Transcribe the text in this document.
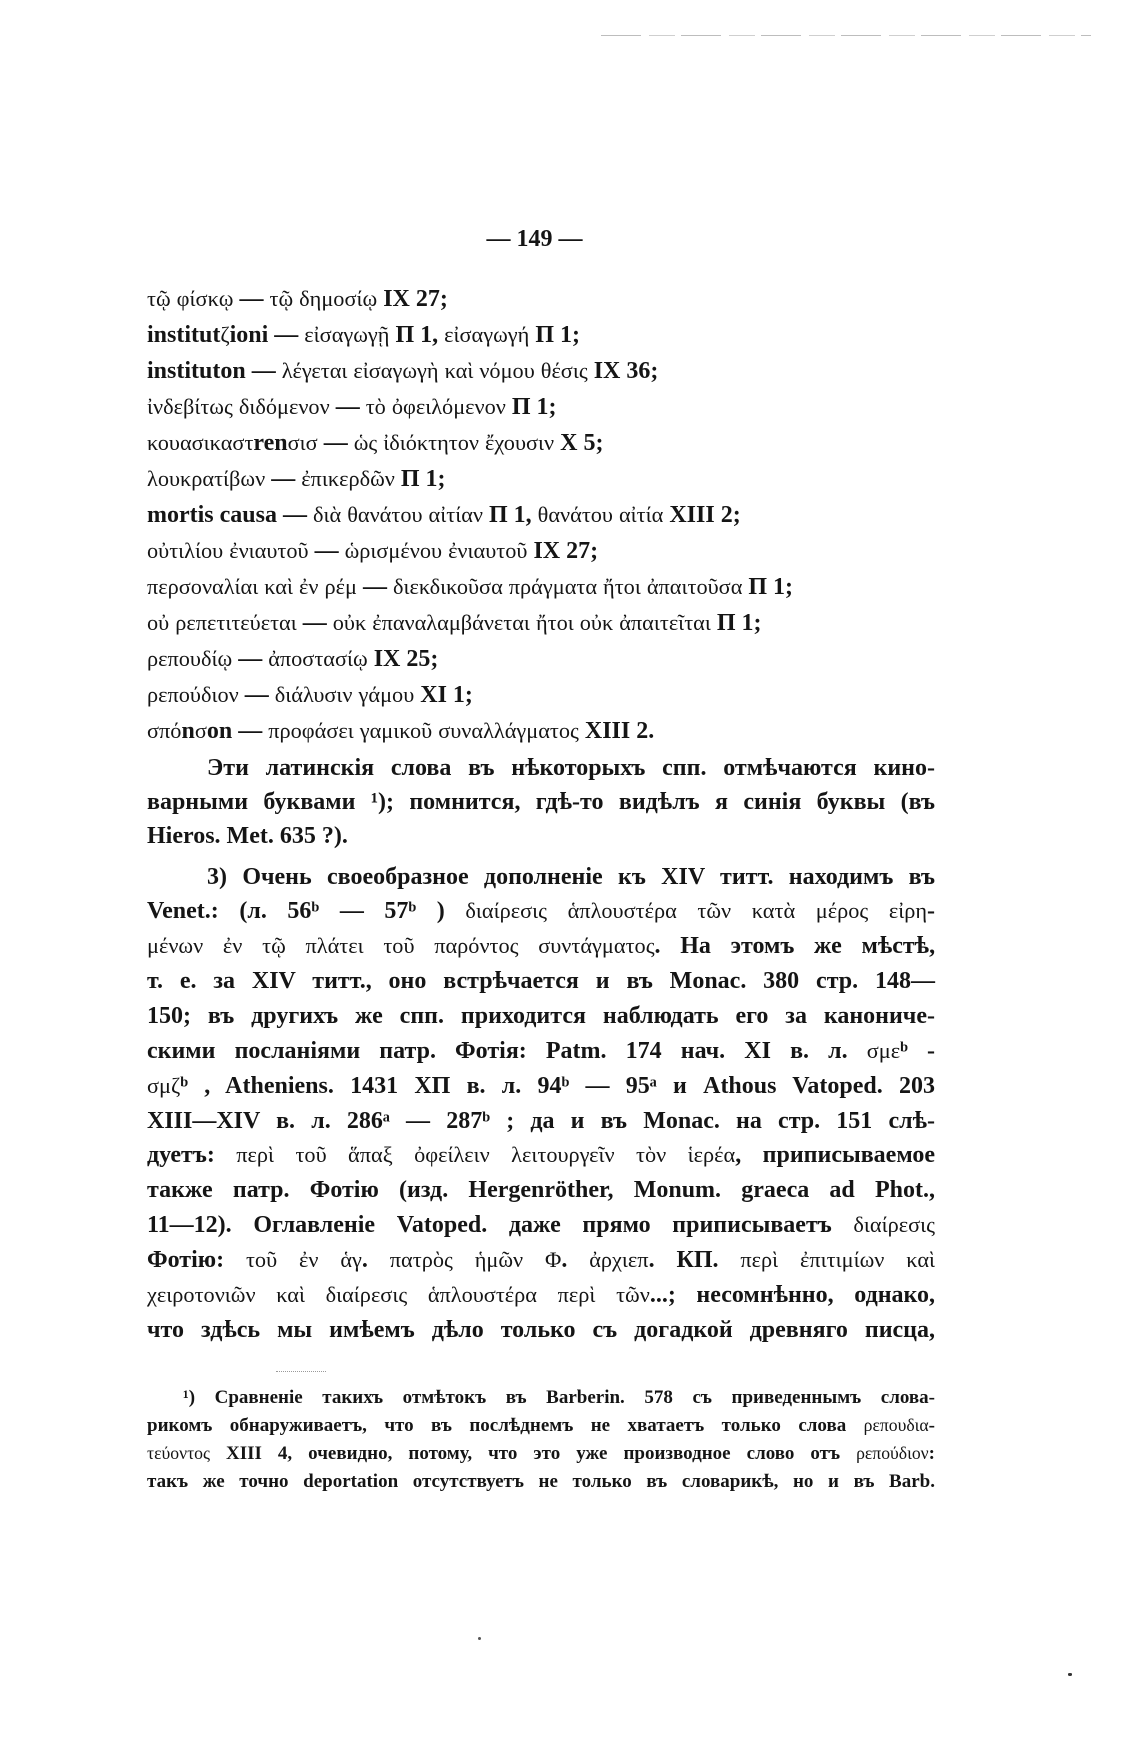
— 149 —
τῷ φίσκῳ — τῷ δημοσίῳ IX 27;
institutζioni — εἰσαγωγῇ П 1, εἰσαγωγή П 1;
instituton — λέγεται εἰσαγωγὴ καὶ νόμου θέσις IX 36;
ἰνδεβίτως διδόμενον — τὸ ὀφειλόμενον П 1;
κουασικαστrenσισ — ὡς ἰδιόκτητον ἔχουσιν X 5;
λουκρατίβων — ἐπικερδῶν П 1;
mortis causa — διὰ θανάτου αἰτίαν П 1, θανάτου αἰτία XIII 2;
οὐτιλίου ἐνιαυτοῦ — ὡρισμένου ἐνιαυτοῦ IX 27;
περσοναλίαι καὶ ἐν ρέμ — διεκδικοῦσα πράγματα ἤτοι ἀπαιτοῦσα П 1;
οὐ ρεπετιτεύεται — οὐκ ἐπαναλαμβάνεται ἤτοι οὐκ ἀπαιτεῖται П 1;
ρεπουδίῳ — ἀποστασίῳ IX 25;
ρεπούδιον — διάλυσιν γάμου XI 1;
σπόnσon — προφάσει γαμικοῦ συναλλάγματος XIII 2.
Эти латинскія слова въ нѣкоторыхъ спп. отмѣчаются кино-
варными буквами ¹); помнится, гдѣ-то видѣлъ я синія буквы (въ
Hieros. Met. 635 ?).
3) Очень своеобразное дополненіе къ XIV титт. находимъ въ
Venet.: (л. 56ᵇ — 57ᵇ ) διαίρεσις ἁπλουστέρα τῶν κατὰ μέρος εἰρη-
μένων ἐν τῷ πλάτει τοῦ παρόντος συντάγματος. На этомъ же мѣстѣ,
т. е. за XIV титт., оно встрѣчается и въ Monac. 380 стр. 148—
150; въ другихъ же спп. приходится наблюдать его за канониче-
скими посланіями патр. Фотія: Patm. 174 нач. XI в. л. σμεᵇ -
σμζᵇ , Atheniens. 1431 XП в. л. 94ᵇ — 95ᵃ и Athous Vatoped. 203
XIII—XIV в. л. 286ᵃ — 287ᵇ ; да и въ Monac. на стр. 151 слѣ-
дуетъ: περὶ τοῦ ἅπαξ ὀφείλειν λειτουργεῖν τὸν ἱερέα, приписываемое
также патр. Фотію (изд. Hergenröther, Monum. graeca ad Phot.,
11—12). Оглавленіе Vatoped. даже прямо приписываетъ διαίρεσις
Фотію: τοῦ ἐν ἁγ. πατρὸς ἡμῶν Φ. ἀρχιεπ. КП. περὶ ἐπιτιμίων καὶ
χειροτονιῶν καὶ διαίρεσις ἁπλουστέρα περὶ τῶν...; несомнѣнно, однако,
что здѣсь мы имѣемъ дѣло только съ догадкой древняго писца,
¹) Сравненіе такихъ отмѣтокъ въ Barberin. 578 съ приведеннымъ слова-
рикомъ обнаруживаетъ, что въ послѣднемъ не хватаетъ только слова ρεπουδια-
τεύοντος XIII 4, очевидно, потому, что это уже производное слово отъ ρεπούδιον:
такъ же точно deportation отсутствуетъ не только въ словарикѣ, но и въ Barb.
